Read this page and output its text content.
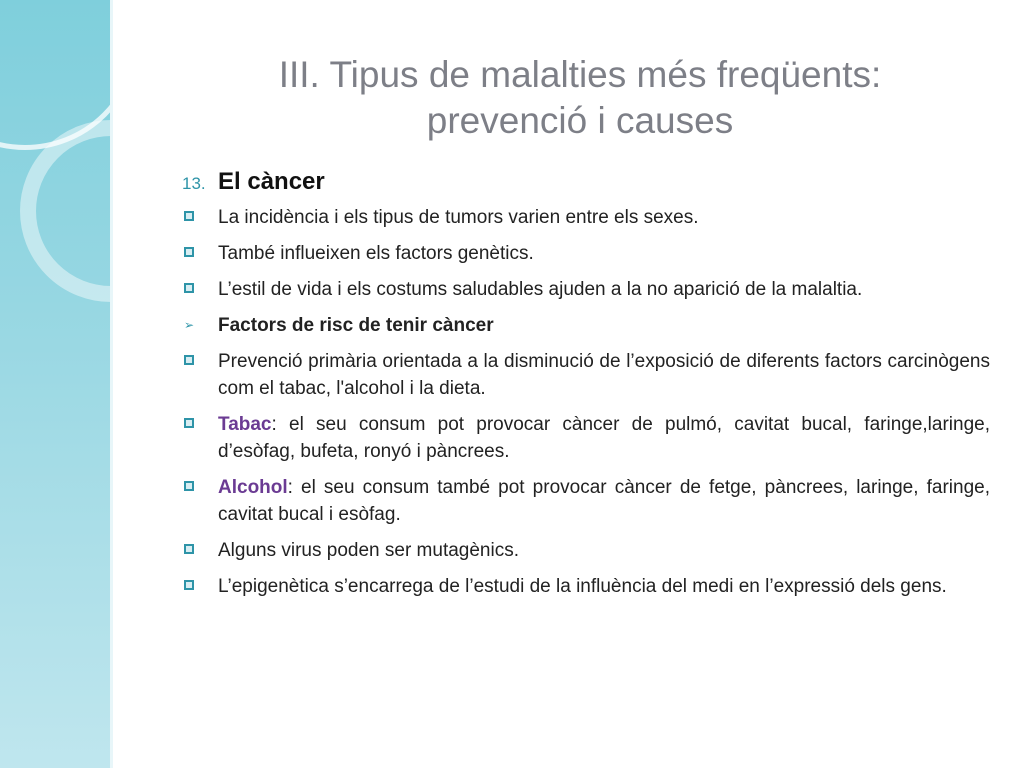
III. Tipus de malalties més freqüents:
prevenció i causes
13. El càncer
La incidència i els tipus de tumors varien entre els sexes.
També influeixen els factors genètics.
L’estil de vida i els costums saludables ajuden a la no aparició de la malaltia.
➢ Factors de risc de tenir càncer
Prevenció primària orientada a la disminució de l’exposició de diferents factors carcinògens com el tabac, l'alcohol i la dieta.
Tabac: el seu consum pot provocar càncer de pulmó, cavitat bucal, faringe,laringe, d’esòfag, bufeta, ronyó i pàncrees.
Alcohol: el seu consum també pot provocar càncer de fetge, pàncrees, laringe, faringe, cavitat bucal i esòfag.
Alguns virus poden ser mutagènics.
L’epigenètica s’encarrega de l’estudi de la influència del medi en l’expressió dels gens.
